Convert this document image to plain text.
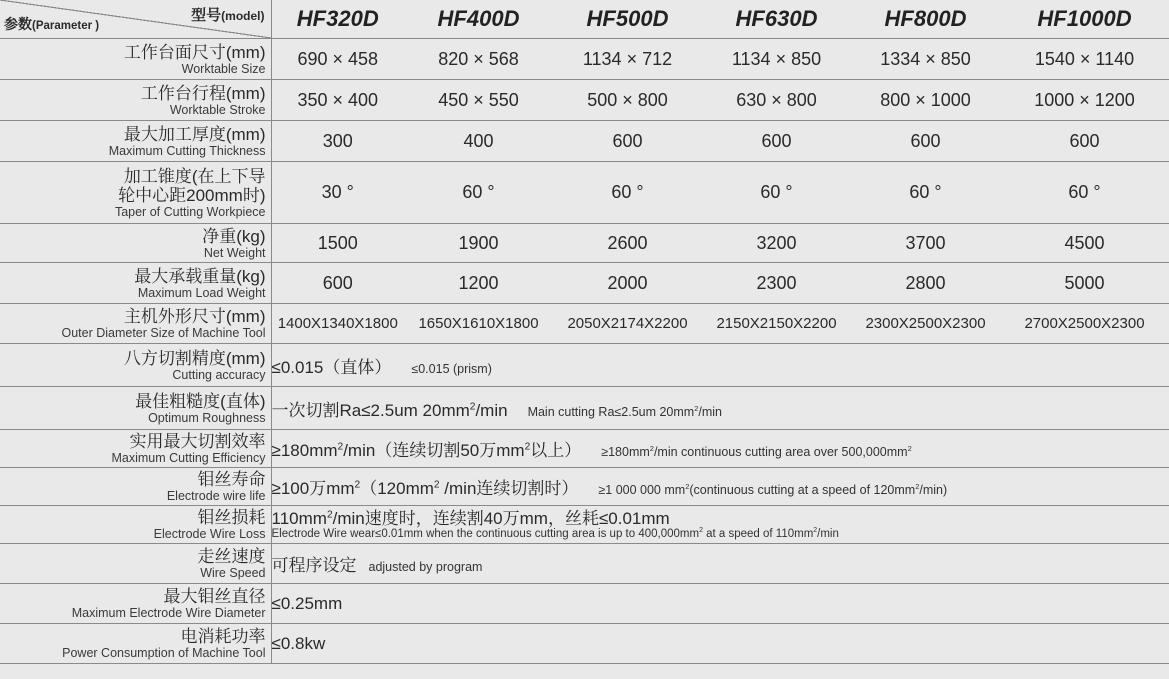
型号(model)
参数(Parameter )	HF320D	HF400D	HF500D	HF630D	HF800D	HF1000D

工作台面尺寸(mm)
Worktable Size	690 × 458	820 × 568	1134 × 712	1134 × 850	1334 × 850	1540 × 1140

工作台行程(mm)
Worktable Stroke	350 × 400	450 × 550	500 × 800	630 × 800	800 × 1000	1000 × 1200

最大加工厚度(mm)
Maximum Cutting Thickness	300	400	600	600	600	600

加工锥度(在上下导
轮中心距200mm时)
Taper of Cutting Workpiece	30 °	60 °	60 °	60 °	60 °	60 °

净重(kg)
Net Weight	1500	1900	2600	3200	3700	4500

最大承载重量(kg)
Maximum Load Weight	600	1200	2000	2300	2800	5000

主机外形尺寸(mm)
Outer Diameter Size of Machine Tool	1400X1340X1800	1650X1610X1800	2050X2174X2200	2150X2150X2200	2300X2500X2300	2700X2500X2300

八方切割精度(mm)
Cutting accuracy	≤0.015（直体） ≤0.015 (prism)					

最佳粗糙度(直体)
Optimum Roughness	一次切割Ra≤2.5um $20mm^2/\min$ Main cutting Ra≤2.5um $20mm^2/\min$					

实用最大切割效率
Maximum Cutting Efficiency	$\ge 180mm^2/\min$（连续切割50万$mm^2$以上） $\ge 180mm^2/\min$ continuous cutting area over $500,000mm^2$

钼丝寿命
Electrode wire life	≥100万$mm^2(120mm^2$ /min连续切割时） ≥1 000 000 $mm^2(continuous$ cutting at a speed of $120mm^2/\min$)					

钼丝损耗
Electrode Wire Loss	$110mm^2/\min$速度时，连续割40万mm，丝耗≤0.01mm
Electrode Wire wear≤0.01mm when the continuous cutting area is up to $400,000mm^2$ at a speed of $110mm^2/\min$					

走丝速度
Wire Speed	可程序设定 adjusted by program					

最大钼丝直径
Maximum Electrode Wire Diameter	≤0.25mm					

电消耗功率
Power Consumption of Machine Tool	≤0.8kw					
